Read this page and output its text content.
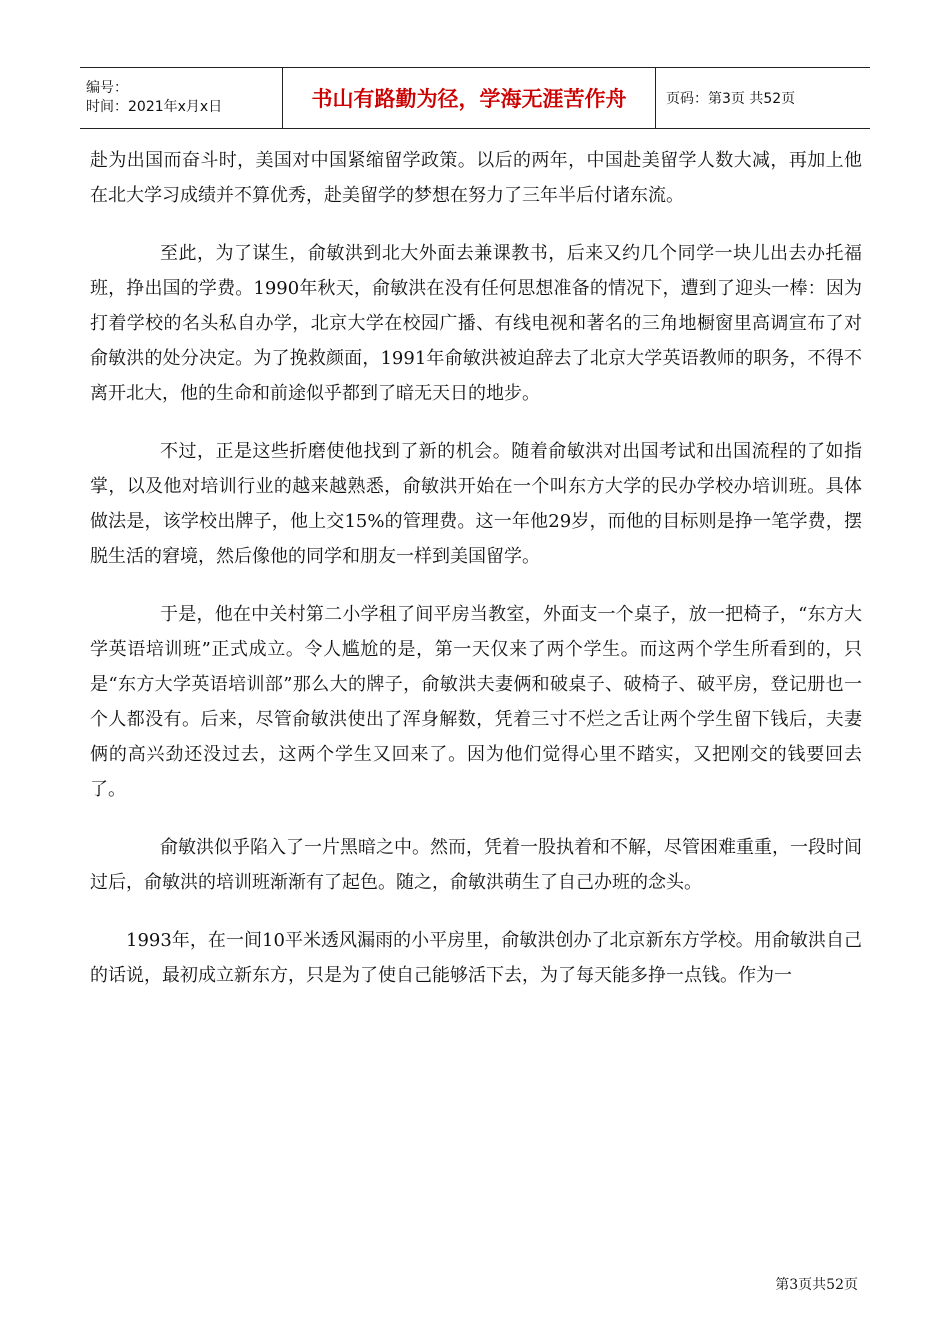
编号：
时间：2021年x月x日	书山有路勤为径，学海无涯苦作舟	页码：第3页 共52页

赴为出国而奋斗时，美国对中国紧缩留学政策。以后的两年，中国赴美留学人数大减，再加上他在北大学习成绩并不算优秀，赴美留学的梦想在努力了三年半后付诸东流。

至此，为了谋生，俞敏洪到北大外面去兼课教书，后来又约几个同学一块儿出去办托福班，挣出国的学费。1990年秋天，俞敏洪在没有任何思想准备的情况下，遭到了迎头一棒：因为打着学校的名头私自办学，北京大学在校园广播、有线电视和著名的三角地橱窗里高调宣布了对俞敏洪的处分决定。为了挽救颜面，1991年俞敏洪被迫辞去了北京大学英语教师的职务，不得不离开北大，他的生命和前途似乎都到了暗无天日的地步。

不过，正是这些折磨使他找到了新的机会。随着俞敏洪对出国考试和出国流程的了如指掌，以及他对培训行业的越来越熟悉，俞敏洪开始在一个叫东方大学的民办学校办培训班。具体做法是，该学校出牌子，他上交15%的管理费。这一年他29岁，而他的目标则是挣一笔学费，摆脱生活的窘境，然后像他的同学和朋友一样到美国留学。

于是，他在中关村第二小学租了间平房当教室，外面支一个桌子，放一把椅子，“东方大学英语培训班”正式成立。令人尴尬的是，第一天仅来了两个学生。而这两个学生所看到的，只是“东方大学英语培训部”那么大的牌子，俞敏洪夫妻俩和破桌子、破椅子、破平房，登记册也一个人都没有。后来，尽管俞敏洪使出了浑身解数，凭着三寸不烂之舌让两个学生留下钱后，夫妻俩的高兴劲还没过去，这两个学生又回来了。因为他们觉得心里不踏实，又把刚交的钱要回去了。

俞敏洪似乎陷入了一片黑暗之中。然而，凭着一股执着和不解，尽管困难重重，一段时间过后，俞敏洪的培训班渐渐有了起色。随之，俞敏洪萌生了自己办班的念头。

1993年，在一间10平米透风漏雨的小平房里，俞敏洪创办了北京新东方学校。用俞敏洪自己的话说，最初成立新东方，只是为了使自己能够活下去，为了每天能多挣一点钱。作为一

第3页共52页
